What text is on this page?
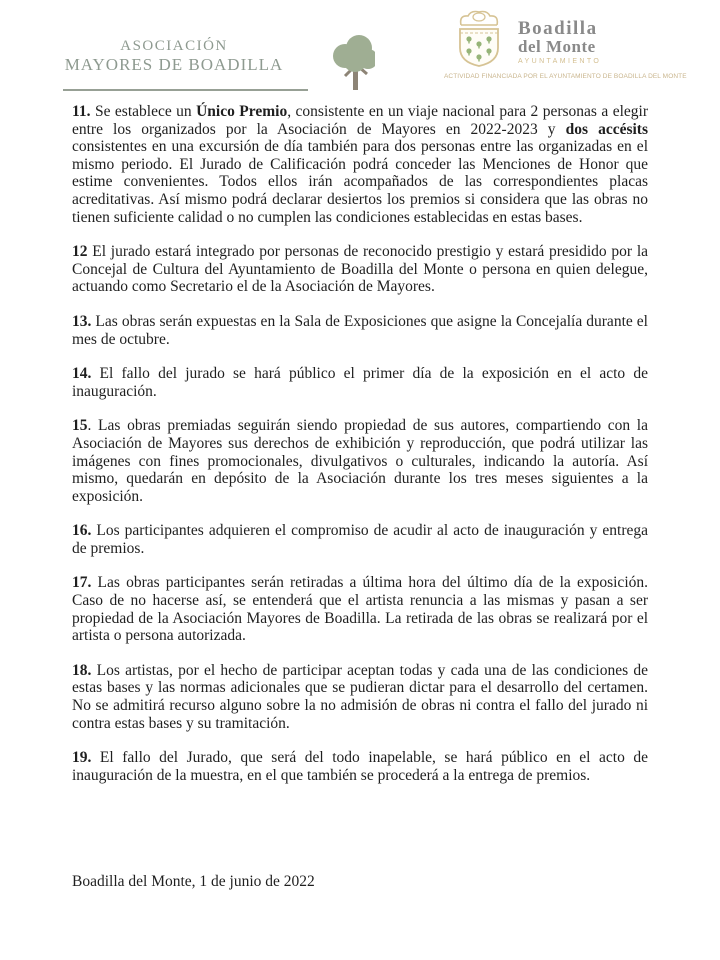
ASOCIACIÓN
MAYORES DE BOADILLA
Boadilla
del Monte
AYUNTAMIENTO
ACTIVIDAD FINANCIADA POR EL AYUNTAMIENTO DE BOADILLA DEL MONTE

11. Se establece un Único Premio, consistente en un viaje nacional para 2 personas a elegir entre los organizados por la Asociación de Mayores en 2022-2023 y dos accésits consistentes en una excursión de día también para dos personas entre las organizadas en el mismo periodo. El Jurado de Calificación podrá conceder las Menciones de Honor que estime convenientes. Todos ellos irán acompañados de las correspondientes placas acreditativas. Así mismo podrá declarar desiertos los premios si considera que las obras no tienen suficiente calidad o no cumplen las condiciones establecidas en estas bases.

12 El jurado estará integrado por personas de reconocido prestigio y estará presidido por la Concejal de Cultura del Ayuntamiento de Boadilla del Monte o persona en quien delegue, actuando como Secretario el de la Asociación de Mayores.

13. Las obras serán expuestas en la Sala de Exposiciones que asigne la Concejalía durante el mes de octubre.

14. El fallo del jurado se hará público el primer día de la exposición en el acto de inauguración.

15. Las obras premiadas seguirán siendo propiedad de sus autores, compartiendo con la Asociación de Mayores sus derechos de exhibición y reproducción, que podrá utilizar las imágenes con fines promocionales, divulgativos o culturales, indicando la autoría. Así mismo, quedarán en depósito de la Asociación durante los tres meses siguientes a la exposición.

16. Los participantes adquieren el compromiso de acudir al acto de inauguración y entrega de premios.

17. Las obras participantes serán retiradas a última hora del último día de la exposición. Caso de no hacerse así, se entenderá que el artista renuncia a las mismas y pasan a ser propiedad de la Asociación Mayores de Boadilla. La retirada de las obras se realizará por el artista o persona autorizada.

18. Los artistas, por el hecho de participar aceptan todas y cada una de las condiciones de estas bases y las normas adicionales que se pudieran dictar para el desarrollo del certamen. No se admitirá recurso alguno sobre la no admisión de obras ni contra el fallo del jurado ni contra estas bases y su tramitación.

19. El fallo del Jurado, que será del todo inapelable, se hará público en el acto de inauguración de la muestra, en el que también se procederá a la entrega de premios.

Boadilla del Monte, 1 de junio de 2022
